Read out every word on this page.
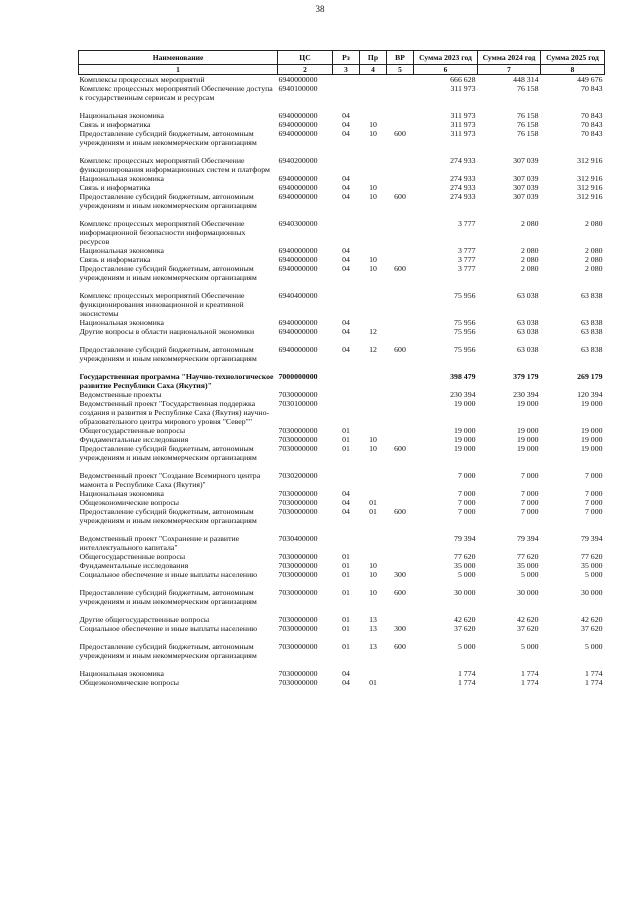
38
Наименование	ЦС	Рз	Пр	ВР	Сумма 2023 год	Сумма 2024 год	Сумма 2025 год
1	2	3	4	5	6	7	8
Комплексы процессных мероприятий	6940000000				666 628	448 314	449 676
Комплекс процессных мероприятий Обеспечение доступа к государственным сервисам и ресурсам	6940100000				311 973	76 158	70 843

Национальная экономика	6940000000	04			311 973	76 158	70 843
Связь и информатика	6940000000	04	10		311 973	76 158	70 843
Предоставление субсидий бюджетным, автономным учреждениям и иным некоммерческим организациям	6940000000	04	10	600	311 973	76 158	70 843

Комплекс процессных мероприятий Обеспечение функционирования информационных систем и платформ	6940200000				274 933	307 039	312 916
Национальная экономика	6940000000	04			274 933	307 039	312 916
Связь и информатика	6940000000	04	10		274 933	307 039	312 916
Предоставление субсидий бюджетным, автономным учреждениям и иным некоммерческим организациям	6940000000	04	10	600	274 933	307 039	312 916

Комплекс процессных мероприятий Обеспечение информационной безопасности информационных ресурсов	6940300000				3 777	2 080	2 080
Национальная экономика	6940000000	04			3 777	2 080	2 080
Связь и информатика	6940000000	04	10		3 777	2 080	2 080
Предоставление субсидий бюджетным, автономным учреждениям и иным некоммерческим организациям	6940000000	04	10	600	3 777	2 080	2 080

Комплекс процессных мероприятий Обеспечение функционирования инновационной и креативной экосистемы	6940400000				75 956	63 038	63 838
Национальная экономика	6940000000	04			75 956	63 038	63 838
Другие вопросы в области национальной экономики	6940000000	04	12		75 956	63 038	63 838

Предоставление субсидий бюджетным, автономным учреждениям и иным некоммерческим организациям	6940000000	04	12	600	75 956	63 038	63 838

Государственная программа "Научно-технологическое развитие Республики Саха (Якутия)"	7000000000				398 479	379 179	269 179
Ведомственные проекты	7030000000				230 394	230 394	120 394
Ведомственный проект "Государственная поддержка создания и развития в Республике Саха (Якутия) научно-образовательного центра мирового уровня "Север""	7030100000				19 000	19 000	19 000
Общегосударственные вопросы	7030000000	01			19 000	19 000	19 000
Фундаментальные исследования	7030000000	01	10		19 000	19 000	19 000
Предоставление субсидий бюджетным, автономным учреждениям и иным некоммерческим организациям	7030000000	01	10	600	19 000	19 000	19 000

Ведомственный проект "Создание Всемирного центра мамонта в Республике Саха (Якутия)"	7030200000				7 000	7 000	7 000
Национальная экономика	7030000000	04			7 000	7 000	7 000
Общеэкономические вопросы	7030000000	04	01		7 000	7 000	7 000
Предоставление субсидий бюджетным, автономным учреждениям и иным некоммерческим организациям	7030000000	04	01	600	7 000	7 000	7 000

Ведомственный проект "Сохранение и развитие интеллектуального капитала"	7030400000				79 394	79 394	79 394
Общегосударственные вопросы	7030000000	01			77 620	77 620	77 620
Фундаментальные исследования	7030000000	01	10		35 000	35 000	35 000
Социальное обеспечение и иные выплаты населению	7030000000	01	10	300	5 000	5 000	5 000

Предоставление субсидий бюджетным, автономным учреждениям и иным некоммерческим организациям	7030000000	01	10	600	30 000	30 000	30 000

Другие общегосударственные вопросы	7030000000	01	13		42 620	42 620	42 620
Социальное обеспечение и иные выплаты населению	7030000000	01	13	300	37 620	37 620	37 620

Предоставление субсидий бюджетным, автономным учреждениям и иным некоммерческим организациям	7030000000	01	13	600	5 000	5 000	5 000

Национальная экономика	7030000000	04			1 774	1 774	1 774
Общеэкономические вопросы	7030000000	04	01		1 774	1 774	1 774
